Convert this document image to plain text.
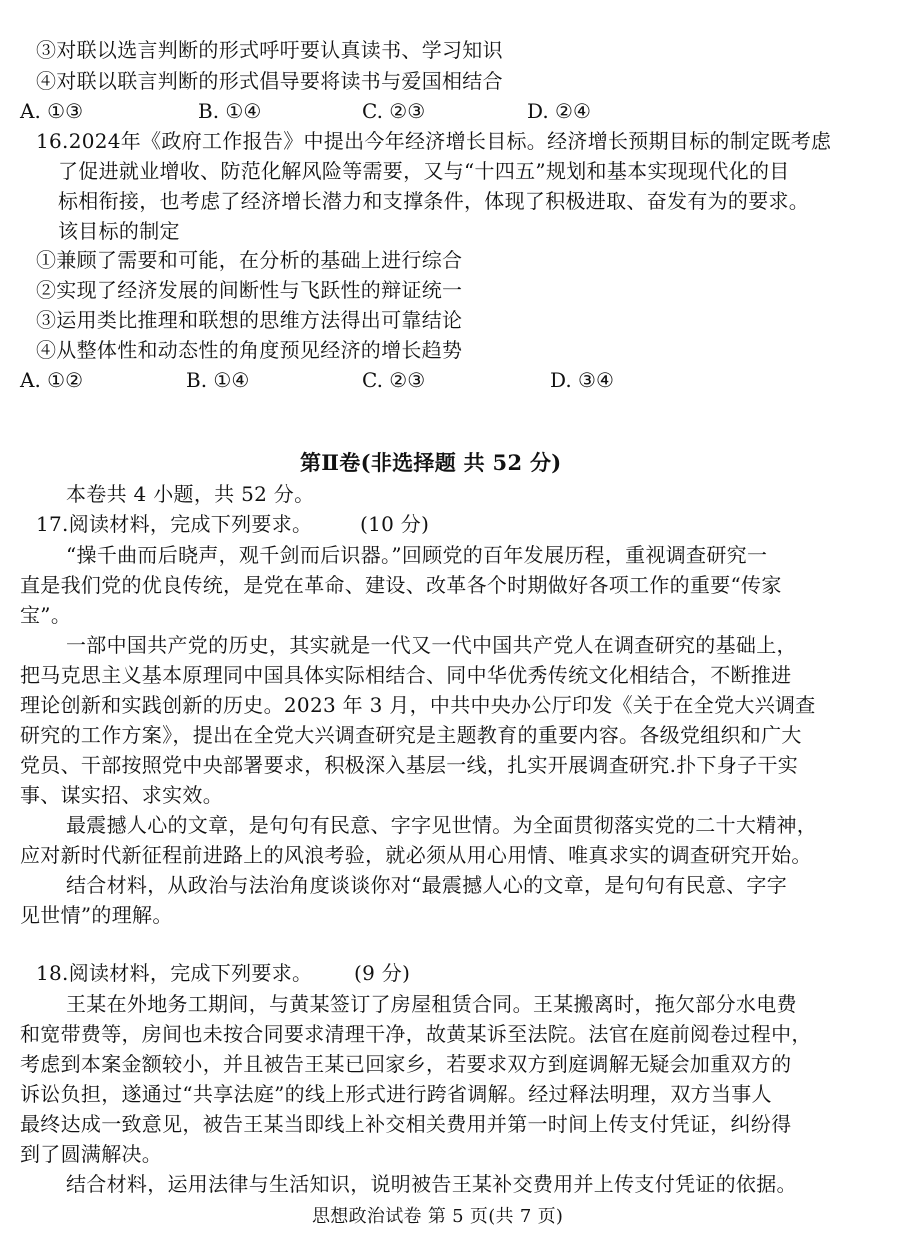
③对联以选言判断的形式呼吁要认真读书、学习知识
④对联以联言判断的形式倡导要将读书与爱国相结合
A. ①③	B. ①④	C. ②③	D. ②④
16.2024年《政府工作报告》中提出今年经济增长目标。经济增长预期目标的制定既考虑
了促进就业增收、防范化解风险等需要，又与“十四五”规划和基本实现现代化的目
标相衔接，也考虑了经济增长潜力和支撑条件，体现了积极进取、奋发有为的要求。
该目标的制定
①兼顾了需要和可能，在分析的基础上进行综合
②实现了经济发展的间断性与飞跃性的辩证统一
③运用类比推理和联想的思维方法得出可靠结论
④从整体性和动态性的角度预见经济的增长趋势
A. ①②	B. ①④	C. ②③	D. ③④
第Ⅱ卷(非选择题 共 52 分)
本卷共 4 小题，共 52 分。
17.阅读材料，完成下列要求。 (10 分)
“操千曲而后晓声，观千剑而后识器。”回顾党的百年发展历程，重视调查研究一
直是我们党的优良传统，是党在革命、建设、改革各个时期做好各项工作的重要“传家
宝”。
一部中国共产党的历史，其实就是一代又一代中国共产党人在调查研究的基础上，
把马克思主义基本原理同中国具体实际相结合、同中华优秀传统文化相结合，不断推进
理论创新和实践创新的历史。2023 年 3 月，中共中央办公厅印发《关于在全党大兴调查
研究的工作方案》，提出在全党大兴调查研究是主题教育的重要内容。各级党组织和广大
党员、干部按照党中央部署要求，积极深入基层一线，扎实开展调查研究.扑下身子干实
事、谋实招、求实效。
最震撼人心的文章，是句句有民意、字字见世情。为全面贯彻落实党的二十大精神，
应对新时代新征程前进路上的风浪考验，就必须从用心用情、唯真求实的调查研究开始。
结合材料，从政治与法治角度谈谈你对“最震撼人心的文章，是句句有民意、字字
见世情”的理解。
18.阅读材料，完成下列要求。 (9 分)
王某在外地务工期间，与黄某签订了房屋租赁合同。王某搬离时，拖欠部分水电费
和宽带费等，房间也未按合同要求清理干净，故黄某诉至法院。法官在庭前阅卷过程中，
考虑到本案金额较小，并且被告王某已回家乡，若要求双方到庭调解无疑会加重双方的
诉讼负担，遂通过“共享法庭”的线上形式进行跨省调解。经过释法明理，双方当事人
最终达成一致意见，被告王某当即线上补交相关费用并第一时间上传支付凭证，纠纷得
到了圆满解决。
结合材料，运用法律与生活知识，说明被告王某补交费用并上传支付凭证的依据。
思想政治试卷 第 5 页(共 7 页)
